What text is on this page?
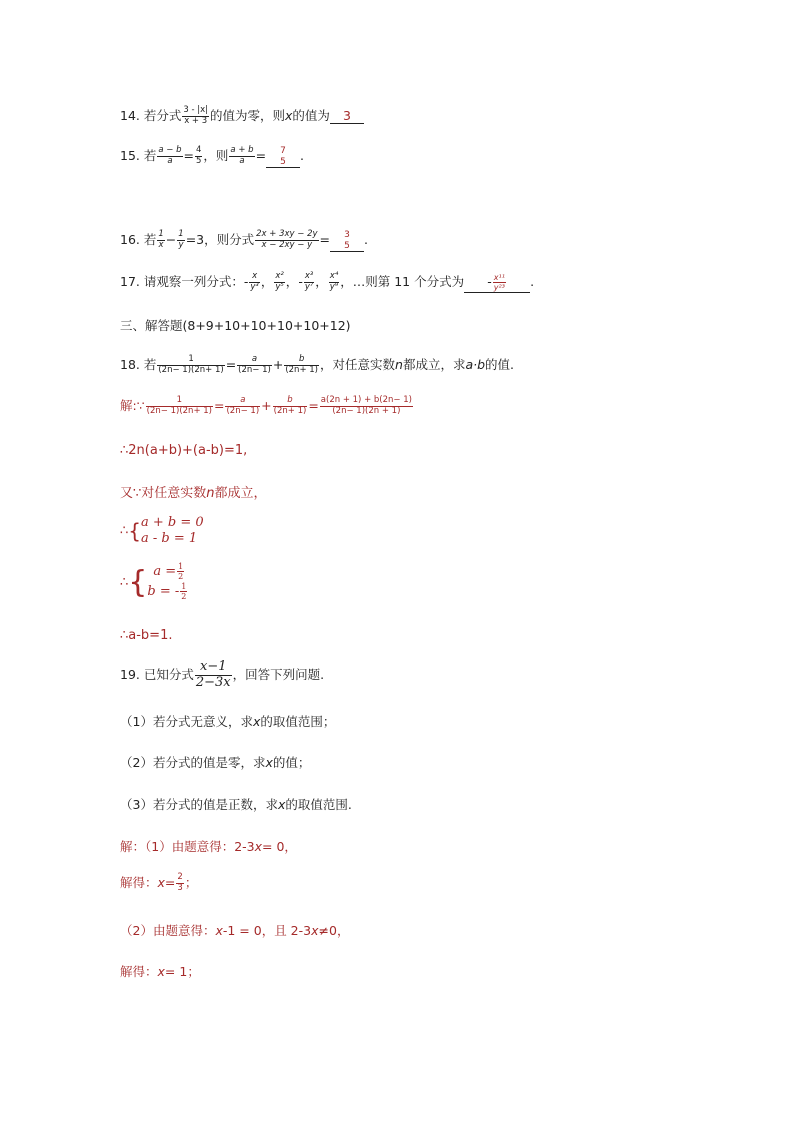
14. 若分式 $\frac{3 - |x|}{x + 3}$ 的值为零，则x的值为 3
15. 若 $\frac{a - b}{a} = \frac{4}{5}$ ，则 $\frac{a + b}{a} = 7$
5 .
16. 若 $\frac{1}{x} - \frac{1}{y} =3$，则分式 $\frac{2x + 3xy - 2y}{x - 2xy - y} = 3$
5 .
17. 请观察一列分式：- $\frac{x}{\text{y³}}$ ， $\frac{\text{x²}}{\text{y⁵}}$ ，- $\frac{\text{x³}}{\text{y⁷}}$ ， $\frac{\text{x⁴}}{\text{y⁹}}$ ，…则第 11 个分式为 - $\frac{\text{x¹¹}}{\text{y²³}}$ .
三、解答题(8+9+10+10+10+10+12)
18. 若 $\frac{1}{(2n- 1)(2n+ 1)} = \frac{a}{(2n- 1)} + \frac{b}{(2n+ 1)}$ ，对任意实数n都成立，求a·b的值.
解:∵ $\frac{1}{(2n- 1)(2n+ 1)} = \frac{a}{(2n- 1)} + \frac{b}{(2n+ 1)} = \frac{a(2n + 1) + b(2n- 1)}{(2n- 1)(2n + 1)}$
∴2n(a+b)+(a-b)=1,
又∵对任意实数n都成立，
∴{a + b = 0
a - b = 1
∴{ $a = \frac{1}{2}$

b = - $\frac{1}{2}$
∴a-b=1.
19. 已知分式 $\frac{x-1}{2-3x}$ ，回答下列问题.
（1）若分式无意义，求x的取值范围；
（2）若分式的值是零，求x的值；
（3）若分式的值是正数，求x的取值范围.
解：（1）由题意得：2-3x= 0，
解得：$x= \frac{2}{3}$ ；
（2）由题意得：x-1 = 0，且 2-3x≠0，
解得：x= 1；
